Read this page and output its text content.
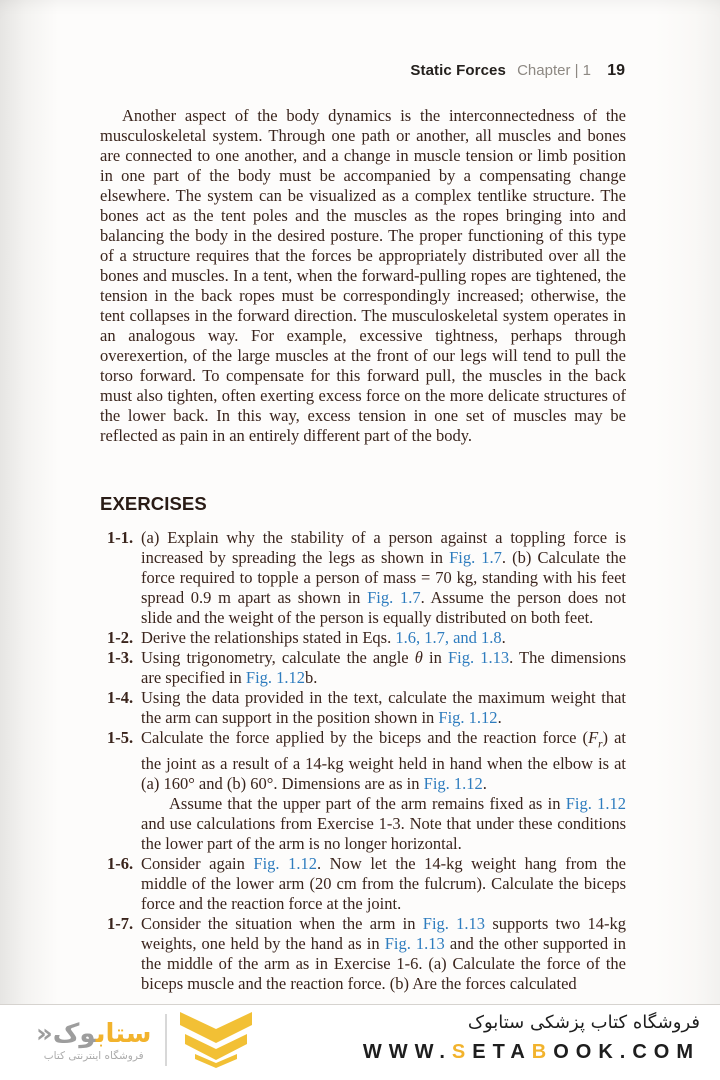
Static Forces Chapter | 1 19
Another aspect of the body dynamics is the interconnectedness of the musculoskeletal system. Through one path or another, all muscles and bones are connected to one another, and a change in muscle tension or limb position in one part of the body must be accompanied by a compensating change elsewhere. The system can be visualized as a complex tentlike structure. The bones act as the tent poles and the muscles as the ropes bringing into and balancing the body in the desired posture. The proper functioning of this type of a structure requires that the forces be appropriately distributed over all the bones and muscles. In a tent, when the forward-pulling ropes are tightened, the tension in the back ropes must be correspondingly increased; otherwise, the tent collapses in the forward direction. The musculoskeletal system operates in an analogous way. For example, excessive tightness, perhaps through overexertion, of the large muscles at the front of our legs will tend to pull the torso forward. To compensate for this forward pull, the muscles in the back must also tighten, often exerting excess force on the more delicate structures of the lower back. In this way, excess tension in one set of muscles may be reflected as pain in an entirely different part of the body.
EXERCISES
1-1. (a) Explain why the stability of a person against a toppling force is increased by spreading the legs as shown in Fig. 1.7. (b) Calculate the force required to topple a person of mass = 70 kg, standing with his feet spread 0.9 m apart as shown in Fig. 1.7. Assume the person does not slide and the weight of the person is equally distributed on both feet.
1-2. Derive the relationships stated in Eqs. 1.6, 1.7, and 1.8.
1-3. Using trigonometry, calculate the angle θ in Fig. 1.13. The dimensions are specified in Fig. 1.12b.
1-4. Using the data provided in the text, calculate the maximum weight that the arm can support in the position shown in Fig. 1.12.
1-5. Calculate the force applied by the biceps and the reaction force $(F_r)$ at the joint as a result of a 14-kg weight held in hand when the elbow is at (a) 160° and (b) 60°. Dimensions are as in Fig. 1.12.
Assume that the upper part of the arm remains fixed as in Fig. 1.12 and use calculations from Exercise 1-3. Note that under these conditions the lower part of the arm is no longer horizontal.
1-6. Consider again Fig. 1.12. Now let the 14-kg weight hang from the middle of the lower arm (20 cm from the fulcrum). Calculate the biceps force and the reaction force at the joint.
1-7. Consider the situation when the arm in Fig. 1.13 supports two 14-kg weights, one held by the hand as in Fig. 1.13 and the other supported in the middle of the arm as in Exercise 1-6. (a) Calculate the force of the biceps muscle and the reaction force. (b) Are the forces calculated
ستابوک«
فروشگاه اینترنتی کتاب
فروشگاه کتاب پزشکی ستابوک
WWW.SETABOOK.COM
